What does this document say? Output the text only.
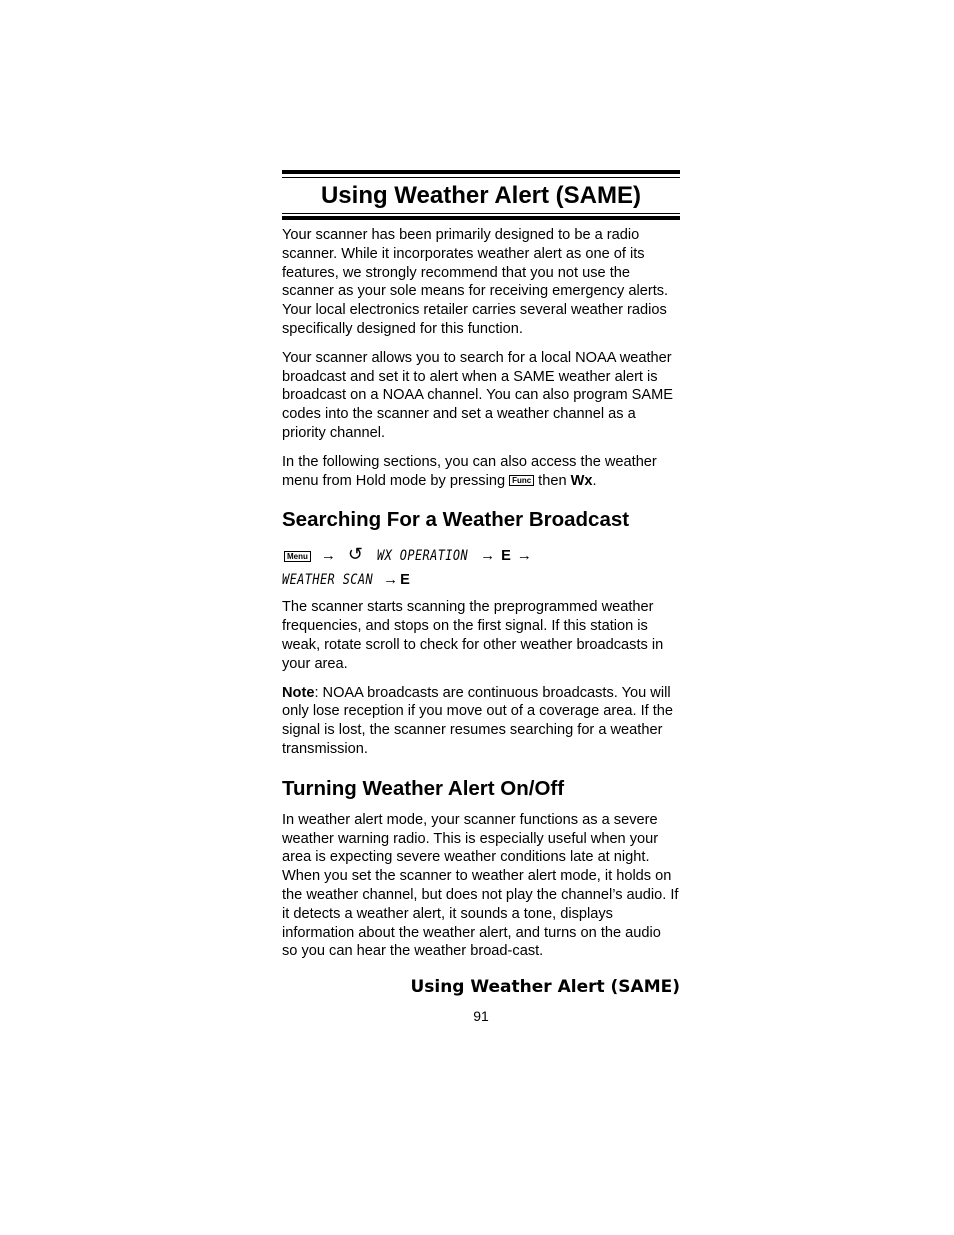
Using Weather Alert (SAME)

Your scanner has been primarily designed to be a radio scanner. While it incorporates weather alert as one of its features, we strongly recommend that you not use the scanner as your sole means for receiving emergency alerts. Your local electronics retailer carries several weather radios specifically designed for this function.

Your scanner allows you to search for a local NOAA weather broadcast and set it to alert when a SAME weather alert is broadcast on a NOAA channel. You can also program SAME codes into the scanner and set a weather channel as a priority channel.

In the following sections, you can also access the weather menu from Hold mode by pressing Func then Wx.

Searching For a Weather Broadcast
Menu → ↺ WX OPERATION → E →
WEATHER SCAN → E

The scanner starts scanning the preprogrammed weather frequencies, and stops on the first signal. If this station is weak, rotate scroll to check for other weather broadcasts in your area.

Note: NOAA broadcasts are continuous broadcasts. You will only lose reception if you move out of a coverage area. If the signal is lost, the scanner resumes searching for a weather transmission.

Turning Weather Alert On/Off

In weather alert mode, your scanner functions as a severe weather warning radio. This is especially useful when your area is expecting severe weather conditions late at night. When you set the scanner to weather alert mode, it holds on the weather channel, but does not play the channel’s audio. If it detects a weather alert, it sounds a tone, displays information about the weather alert, and turns on the audio so you can hear the weather broad-cast.

Using Weather Alert (SAME)
91
